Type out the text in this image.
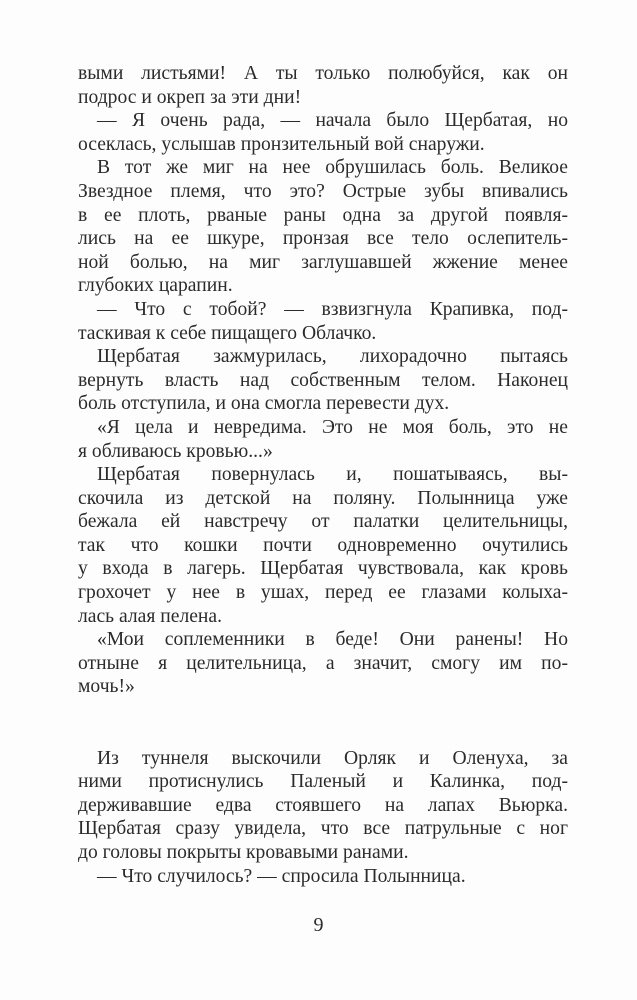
выми листьями! А ты только полюбуйся, как он
подрос и окреп за эти дни!
— Я очень рада, — начала было Щербатая, но
осеклась, услышав пронзительный вой снаружи.
В тот же миг на нее обрушилась боль. Великое
Звездное племя, что это? Острые зубы впивались
в ее плоть, рваные раны одна за другой появля-
лись на ее шкуре, пронзая все тело ослепитель-
ной болью, на миг заглушавшей жжение менее
глубоких царапин.
— Что с тобой? — взвизгнула Крапивка, под-
таскивая к себе пищащего Облачко.
Щербатая зажмурилась, лихорадочно пытаясь
вернуть власть над собственным телом. Наконец
боль отступила, и она смогла перевести дух.
«Я цела и невредима. Это не моя боль, это не
я обливаюсь кровью...»
Щербатая повернулась и, пошатываясь, вы-
скочила из детской на поляну. Полынница уже
бежала ей навстречу от палатки целительницы,
так что кошки почти одновременно очутились
у входа в лагерь. Щербатая чувствовала, как кровь
грохочет у нее в ушах, перед ее глазами колыха-
лась алая пелена.
«Мои соплеменники в беде! Они ранены! Но
отныне я целительница, а значит, смогу им по-
мочь!»
Из туннеля выскочили Орляк и Оленуха, за
ними протиснулись Паленый и Калинка, под-
держивавшие едва стоявшего на лапах Вьюрка.
Щербатая сразу увидела, что все патрульные с ног
до головы покрыты кровавыми ранами.
— Что случилось? — спросила Полынница.
9
